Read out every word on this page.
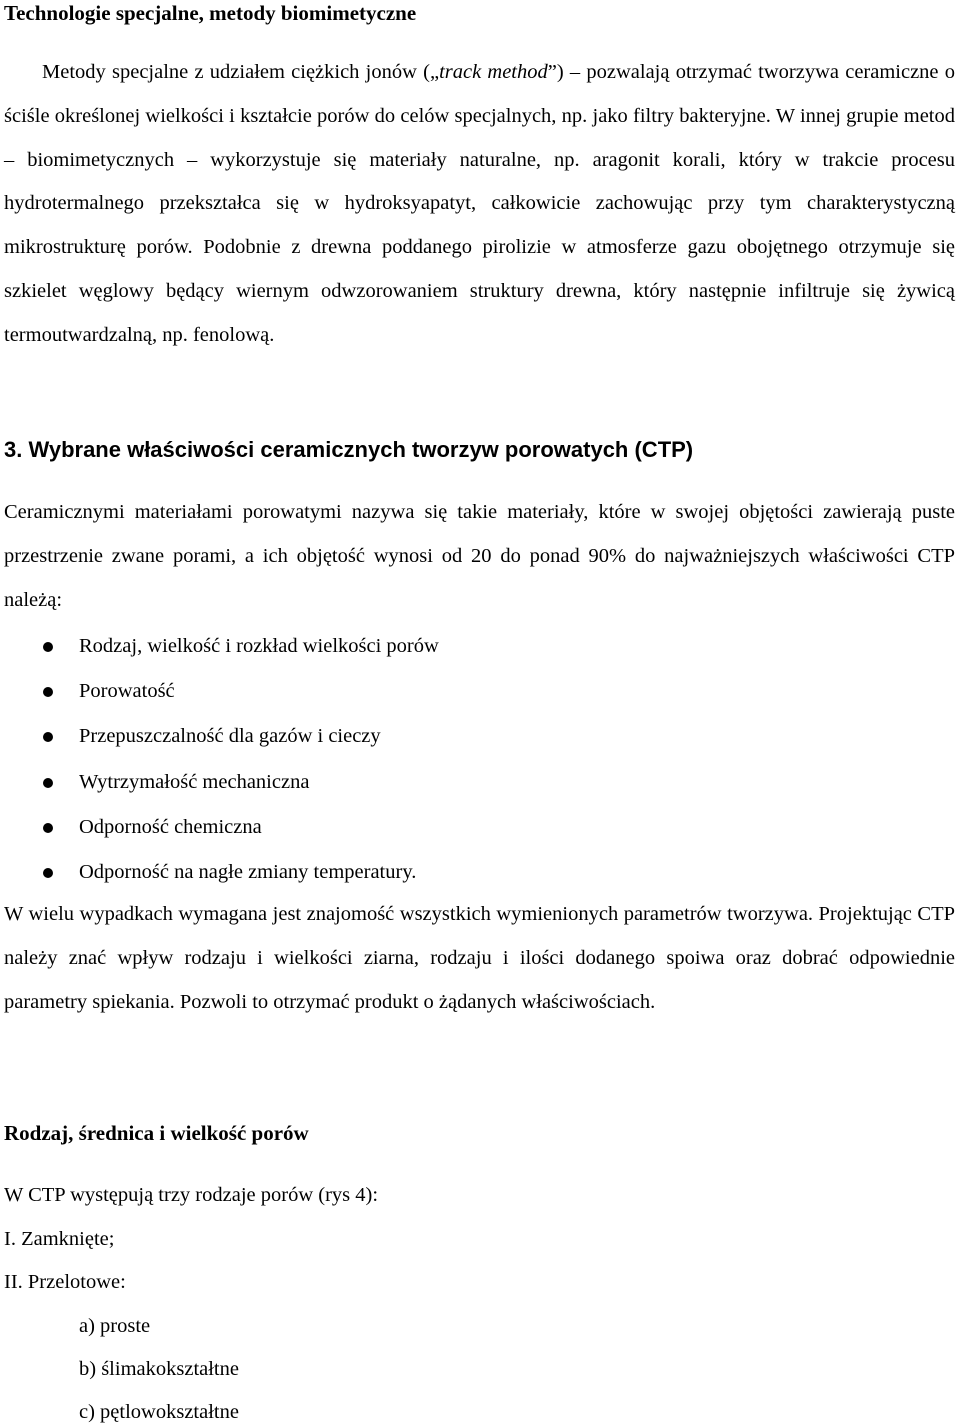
Technologie specjalne, metody biomimetyczne

Metody specjalne z udziałem ciężkich jonów („track method”) – pozwalają otrzymać tworzywa ceramiczne o ściśle określonej wielkości i kształcie porów do celów specjalnych, np. jako filtry bakteryjne. W innej grupie metod – biomimetycznych – wykorzystuje się materiały naturalne, np. aragonit korali, który w trakcie procesu hydrotermalnego przekształca się w hydroksyapatyt, całkowicie zachowując przy tym charakterystyczną mikrostrukturę porów. Podobnie z drewna poddanego pirolizie w atmosferze gazu obojętnego otrzymuje się szkielet węglowy będący wiernym odwzorowaniem struktury drewna, który następnie infiltruje się żywicą termoutwardzalną, np. fenolową.

3. Wybrane właściwości ceramicznych tworzyw porowatych (CTP)

Ceramicznymi materiałami porowatymi nazywa się takie materiały, które w swojej objętości zawierają puste przestrzenie zwane porami, a ich objętość wynosi od 20 do ponad 90% do najważniejszych właściwości CTP należą:

Rodzaj, wielkość i rozkład wielkości porów
Porowatość
Przepuszczalność dla gazów i cieczy
Wytrzymałość mechaniczna
Odporność chemiczna
Odporność na nagłe zmiany temperatury.

W wielu wypadkach wymagana jest znajomość wszystkich wymienionych parametrów tworzywa. Projektując CTP należy znać wpływ rodzaju i wielkości ziarna, rodzaju i ilości dodanego spoiwa oraz dobrać odpowiednie parametry spiekania. Pozwoli to otrzymać produkt o żądanych właściwościach.

Rodzaj, średnica i wielkość porów
W CTP występują trzy rodzaje porów (rys 4):
I. Zamknięte;
II. Przelotowe:
a) proste
b) ślimakokształtne
c) pętlowokształtne
